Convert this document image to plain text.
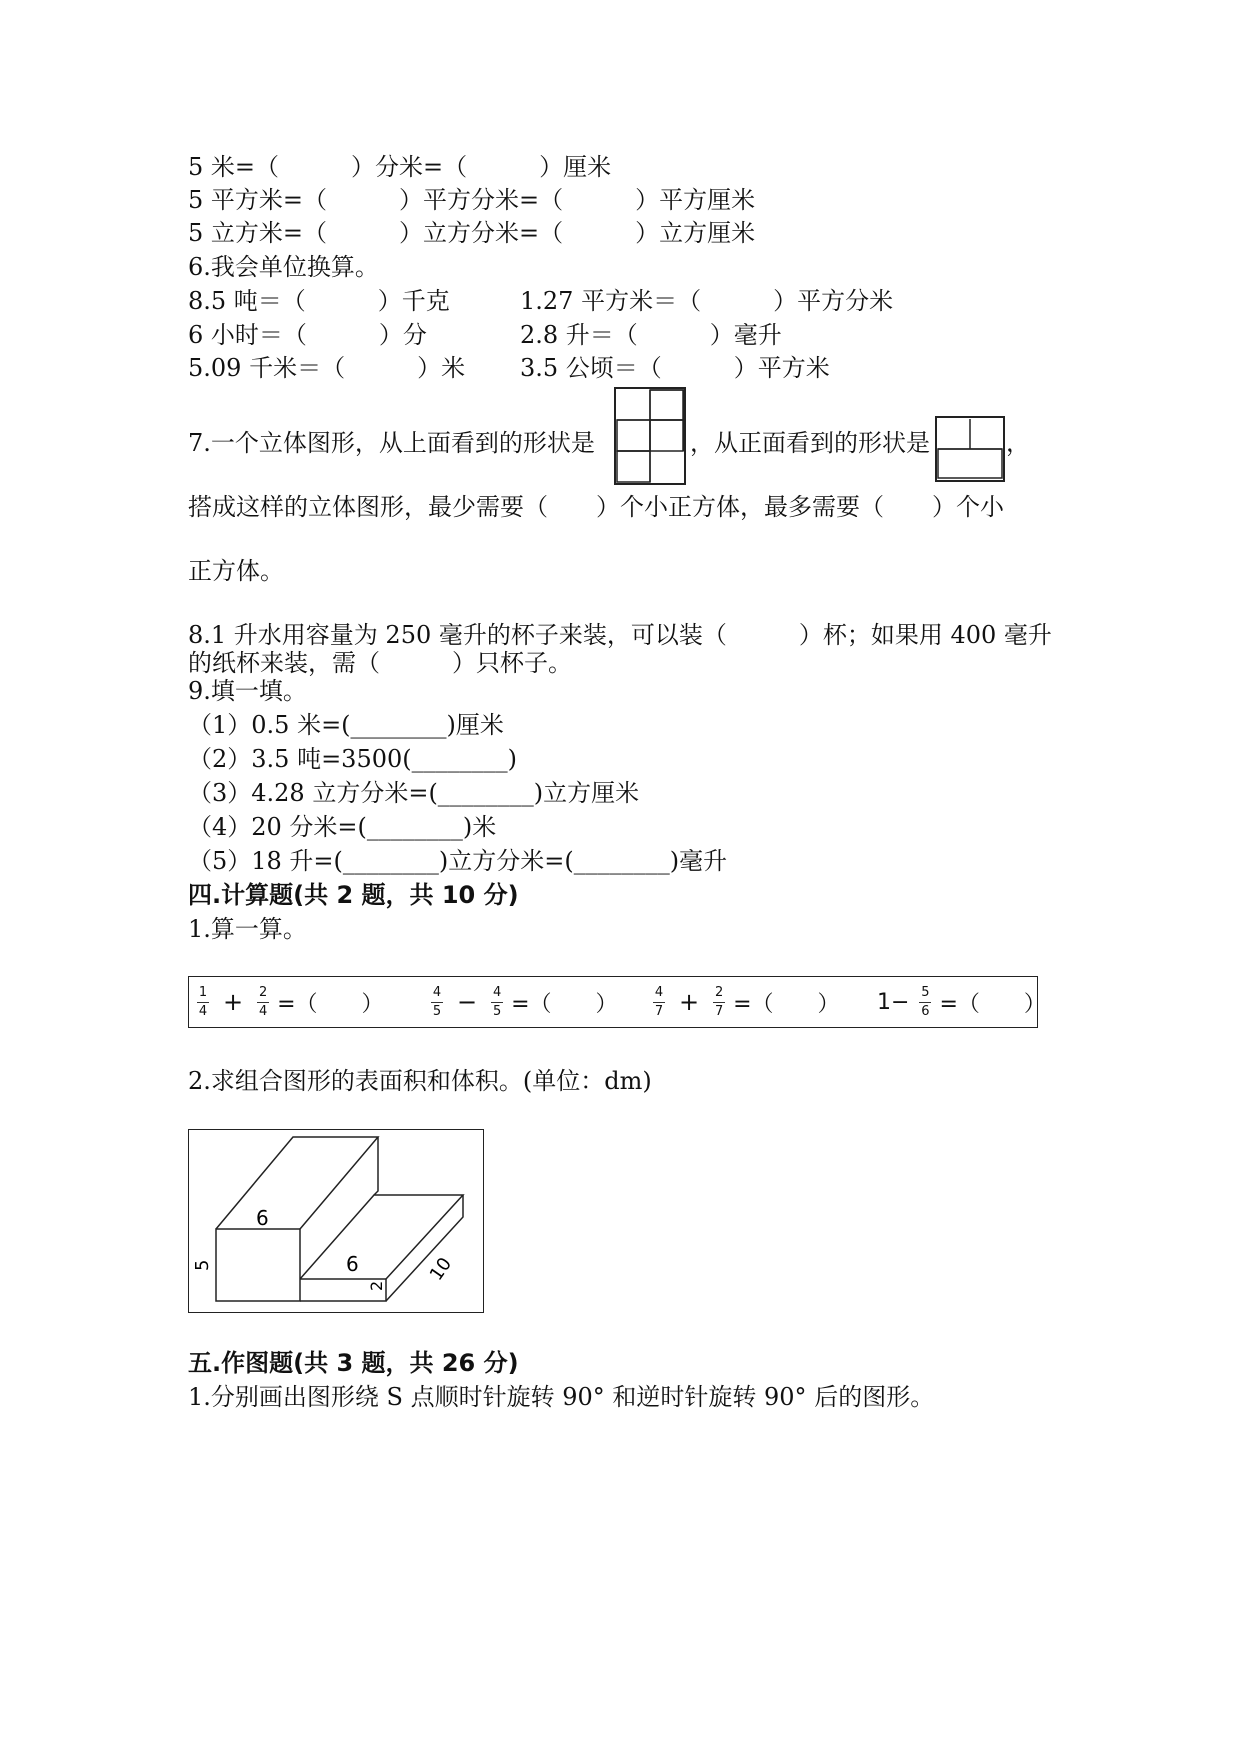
5 米=（　　　）分米=（　　　）厘米
5 平方米=（　　　）平方分米=（　　　）平方厘米
5 立方米=（　　　）立方分米=（　　　）立方厘米
6.我会单位换算。
8.5 吨＝（　　　）千克	1.27 平方米＝（　　　）平方分米
6 小时＝（　　　）分	2.8 升＝（　　　）毫升
5.09 千米＝（　　　）米 3.5 公顷＝（　　　）平方米
7.一个立体图形，从上面看到的形状是	，从正面看到的形状是	，
搭成这样的立体图形，最少需要（　　）个小正方体，最多需要（　　）个小
正方体。
8.1 升水用容量为 250 毫升的杯子来装，可以装（　　　）杯；如果用 400 毫升
的纸杯来装，需（　　　）只杯子。
9.填一填。
（1）0.5 米=(________)厘米
（2）3.5 吨=3500(________)
（3）4.28 立方分米=(________)立方厘米
（4）20 分米=(________)米
（5）18 升=(________)立方分米=(________)毫升
四.计算题(共 2 题，共 10 分)
1.算一算。
1
4 + 2
4 =（　　）	4
5 − 4
5 =（　　）	4
7 + 2
7 =（　　） 1− 5
6 =（　　）
2.求组合图形的表面积和体积。(单位：dm)
6
5	6
2
10
五.作图题(共 3 题，共 26 分)
1.分别画出图形绕 S 点顺时针旋转 90° 和逆时针旋转 90° 后的图形。
